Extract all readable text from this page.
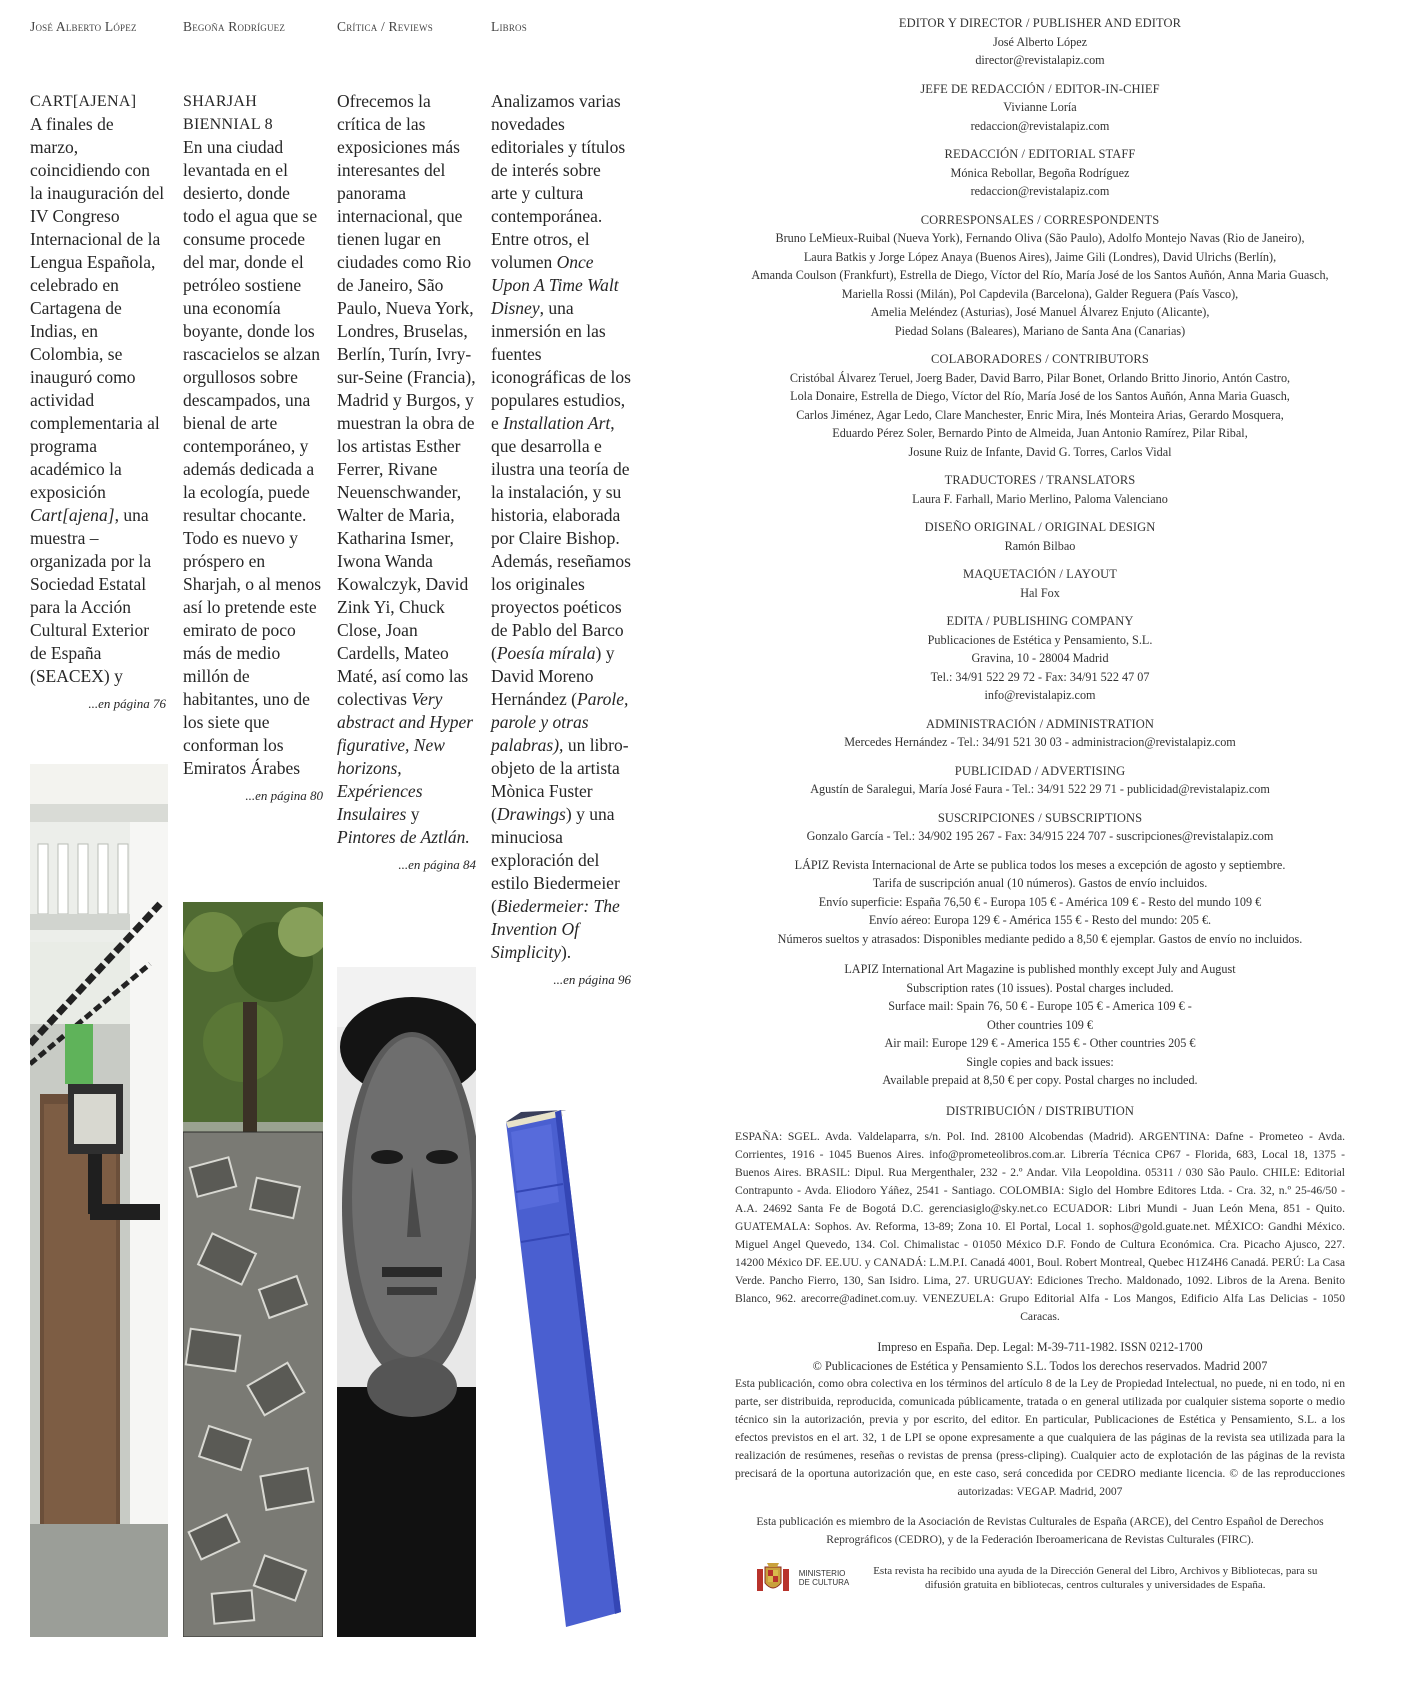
José Alberto López	Begoña Rodríguez	Crítica / Reviews	Libros
CART[AJENA]
A finales de marzo, coincidiendo con la inauguración del IV Congreso Internacional de la Lengua Española, celebrado en Cartagena de Indias, en Colombia, se inauguró como actividad complementaria al programa académico la exposición Cart[ajena], una muestra –organizada por la Sociedad Estatal para la Acción Cultural Exterior de España (SEACEX) y
...en página 76
SHARJAH BIENNIAL 8
En una ciudad levantada en el desierto, donde todo el agua que se consume procede del mar, donde el petróleo sostiene una economía boyante, donde los rascacielos se alzan orgullosos sobre descampados, una bienal de arte contemporáneo, y además dedicada a la ecología, puede resultar chocante. Todo es nuevo y próspero en Sharjah, o al menos así lo pretende este emirato de poco más de medio millón de habitantes, uno de los siete que conforman los Emiratos Árabes
...en página 80
Ofrecemos la crítica de las exposiciones más interesantes del panorama internacional, que tienen lugar en ciudades como Rio de Janeiro, São Paulo, Nueva York, Londres, Bruselas, Berlín, Turín, Ivry-sur-Seine (Francia), Madrid y Burgos, y muestran la obra de los artistas Esther Ferrer, Rivane Neuenschwander, Walter de Maria, Katharina Ismer, Iwona Wanda Kowalczyk, David Zink Yi, Chuck Close, Joan Cardells, Mateo Maté, así como las colectivas Very abstract and Hyper figurative, New horizons, Expériences Insulaires y Pintores de Aztlán.
...en página 84
Analizamos varias novedades editoriales y títulos de interés sobre arte y cultura contemporánea. Entre otros, el volumen Once Upon A Time Walt Disney, una inmersión en las fuentes iconográficas de los populares estudios, e Installation Art, que desarrolla e ilustra una teoría de la instalación, y su historia, elaborada por Claire Bishop. Además, reseñamos los originales proyectos poéticos de Pablo del Barco (Poesía mírala) y David Moreno Hernández (Parole, parole y otras palabras), un libro-objeto de la artista Mònica Fuster (Drawings) y una minuciosa exploración del estilo Biedermeier (Biedermeier: The Invention Of Simplicity).
...en página 96
EDITOR Y DIRECTOR / PUBLISHER AND EDITOR
José Alberto López
director@revistalapiz.com
JEFE DE REDACCIÓN / EDITOR-IN-CHIEF
Vivianne Loría
redaccion@revistalapiz.com
REDACCIÓN / EDITORIAL STAFF
Mónica Rebollar, Begoña Rodríguez
redaccion@revistalapiz.com
CORRESPONSALES / CORRESPONDENTS
Bruno LeMieux-Ruibal (Nueva York), Fernando Oliva (São Paulo), Adolfo Montejo Navas (Rio de Janeiro),
Laura Batkis y Jorge López Anaya (Buenos Aires), Jaime Gili (Londres), David Ulrichs (Berlín),
Amanda Coulson (Frankfurt), Estrella de Diego, Víctor del Río, María José de los Santos Auñón, Anna Maria Guasch,
Mariella Rossi (Milán), Pol Capdevila (Barcelona), Galder Reguera (País Vasco),
Amelia Meléndez (Asturias), José Manuel Álvarez Enjuto (Alicante),
Piedad Solans (Baleares), Mariano de Santa Ana (Canarias)
COLABORADORES / CONTRIBUTORS
Cristóbal Álvarez Teruel, Joerg Bader, David Barro, Pilar Bonet, Orlando Britto Jinorio, Antón Castro,
Lola Donaire, Estrella de Diego, Víctor del Río, María José de los Santos Auñón, Anna Maria Guasch,
Carlos Jiménez, Agar Ledo, Clare Manchester, Enric Mira, Inés Monteira Arias, Gerardo Mosquera,
Eduardo Pérez Soler, Bernardo Pinto de Almeida, Juan Antonio Ramírez, Pilar Ribal,
Josune Ruiz de Infante, David G. Torres, Carlos Vidal
TRADUCTORES / TRANSLATORS
Laura F. Farhall, Mario Merlino, Paloma Valenciano
DISEÑO ORIGINAL / ORIGINAL DESIGN
Ramón Bilbao
MAQUETACIÓN / LAYOUT
Hal Fox
EDITA / PUBLISHING COMPANY
Publicaciones de Estética y Pensamiento, S.L.
Gravina, 10 - 28004 Madrid
Tel.: 34/91 522 29 72 - Fax: 34/91 522 47 07
info@revistalapiz.com
ADMINISTRACIÓN / ADMINISTRATION
Mercedes Hernández - Tel.: 34/91 521 30 03 - administracion@revistalapiz.com
PUBLICIDAD / ADVERTISING
Agustín de Saralegui, María José Faura - Tel.: 34/91 522 29 71 - publicidad@revistalapiz.com
SUSCRIPCIONES / SUBSCRIPTIONS
Gonzalo García - Tel.: 34/902 195 267 - Fax: 34/915 224 707 - suscripciones@revistalapiz.com
LÁPIZ Revista Internacional de Arte se publica todos los meses a excepción de agosto y septiembre.
Tarifa de suscripción anual (10 números). Gastos de envío incluidos.
Envío superficie: España 76,50 € - Europa 105 € - América 109 € - Resto del mundo 109 €
Envío aéreo: Europa 129 € - América 155 € - Resto del mundo: 205 €.
Números sueltos y atrasados: Disponibles mediante pedido a 8,50 € ejemplar. Gastos de envío no incluidos.
LAPIZ International Art Magazine is published monthly except July and August
Subscription rates (10 issues). Postal charges included.
Surface mail: Spain 76, 50 € - Europe 105 € - America 109 € -
Other countries 109 €
Air mail: Europe 129 € - America 155 € - Other countries 205 €
Single copies and back issues:
Available prepaid at 8,50 € per copy. Postal charges no included.
DISTRIBUCIÓN / DISTRIBUTION
ESPAÑA: SGEL. Avda. Valdelaparra, s/n. Pol. Ind. 28100 Alcobendas (Madrid). ARGENTINA: Dafne - Prometeo - Avda. Corrientes, 1916 - 1045 Buenos Aires. info@prometeolibros.com.ar. Librería Técnica CP67 - Florida, 683, Local 18, 1375 - Buenos Aires. BRASIL: Dipul. Rua Mergenthaler, 232 - 2.º Andar. Vila Leopoldina. 05311 / 030 São Paulo. CHILE: Editorial Contrapunto - Avda. Eliodoro Yáñez, 2541 - Santiago. COLOMBIA: Siglo del Hombre Editores Ltda. - Cra. 32, n.º 25-46/50 - A.A. 24692 Santa Fe de Bogotá D.C. gerenciasiglo@sky.net.co ECUADOR: Libri Mundi - Juan León Mena, 851 - Quito. GUATEMALA: Sophos. Av. Reforma, 13-89; Zona 10. El Portal, Local 1. sophos@gold.guate.net. MÉXICO: Gandhi México. Miguel Angel Quevedo, 134. Col. Chimalistac - 01050 México D.F. Fondo de Cultura Económica. Cra. Picacho Ajusco, 227. 14200 México DF. EE.UU. y CANADÁ: L.M.P.I. Canadá 4001, Boul. Robert Montreal, Quebec H1Z4H6 Canadá. PERÚ: La Casa Verde. Pancho Fierro, 130, San Isidro. Lima, 27. URUGUAY: Ediciones Trecho. Maldonado, 1092. Libros de la Arena. Benito Blanco, 962. arecorre@adinet.com.uy. VENEZUELA: Grupo Editorial Alfa - Los Mangos, Edificio Alfa Las Delicias - 1050 Caracas.
Impreso en España. Dep. Legal: M-39-711-1982. ISSN 0212-1700
© Publicaciones de Estética y Pensamiento S.L. Todos los derechos reservados. Madrid 2007
Esta publicación, como obra colectiva en los términos del artículo 8 de la Ley de Propiedad Intelectual, no puede, ni en todo, ni en parte, ser distribuida, reproducida, comunicada públicamente, tratada o en general utilizada por cualquier sistema soporte o medio técnico sin la autorización, previa y por escrito, del editor. En particular, Publicaciones de Estética y Pensamiento, S.L. a los efectos previstos en el art. 32, 1 de LPI se opone expresamente a que cualquiera de las páginas de la revista sea utilizada para la realización de resúmenes, reseñas o revistas de prensa (press-cliping). Cualquier acto de explotación de las páginas de la revista precisará de la oportuna autorización que, en este caso, será concedida por CEDRO mediante licencia. © de las reproducciones autorizadas: VEGAP. Madrid, 2007
Esta publicación es miembro de la Asociación de Revistas Culturales de España (ARCE), del Centro Español de Derechos Reprográficos (CEDRO), y de la Federación Iberoamericana de Revistas Culturales (FIRC).
MINISTERIO
DE CULTURA
Esta revista ha recibido una ayuda de la Dirección General del Libro, Archivos y Bibliotecas, para su difusión gratuita en bibliotecas, centros culturales y universidades de España.
